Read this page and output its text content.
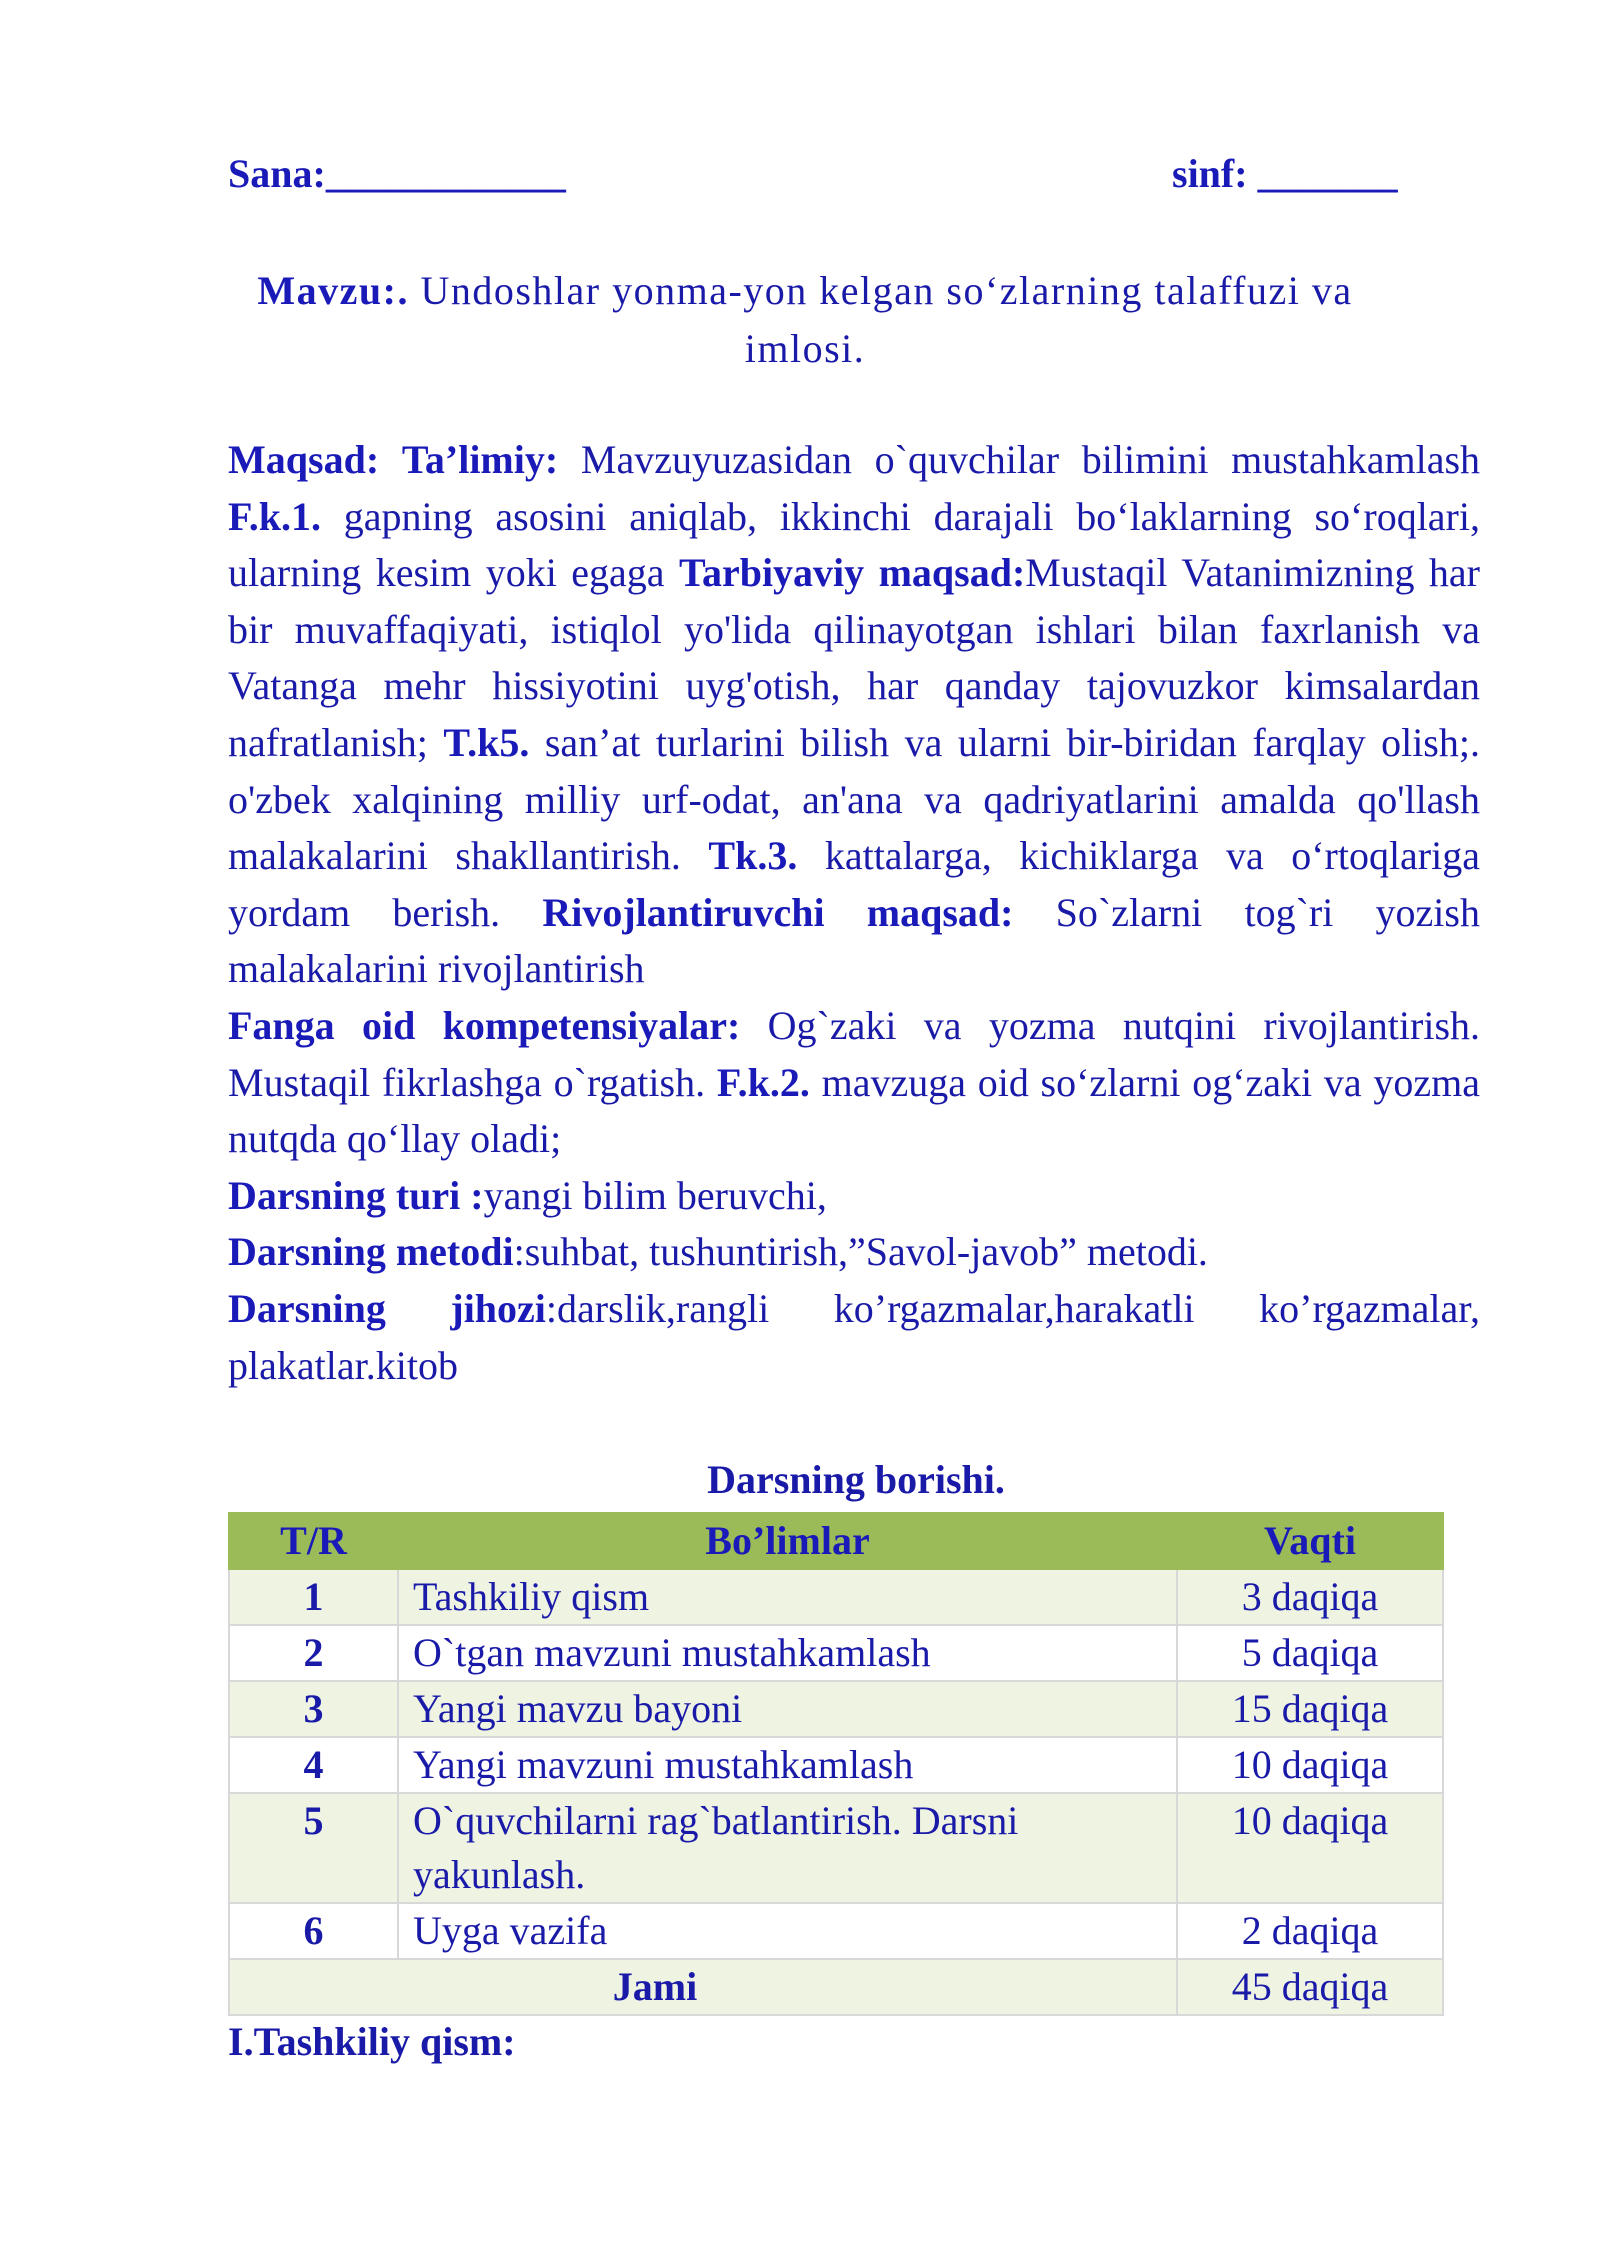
Sana:____________	sinf: _______
Mavzu:. Undoshlar yonma-yon kelgan so‘zlarning talaffuzi va imlosi.

Maqsad: Ta’limiy: Mavzuyuzasidan o`quvchilar bilimini mustahkamlash F.k.1. gapning asosini aniqlab, ikkinchi darajali bo‘laklarning so‘roqlari, ularning kesim yoki egaga Tarbiyaviy maqsad:Mustaqil Vatanimizning har bir muvaffaqiyati, istiqlol yo'lida qilinayotgan ishlari bilan faxrlanish va Vatanga mehr hissiyotini uyg'otish, har qanday tajovuzkor kimsalardan nafratlanish; T.k5. san’at turlarini bilish va ularni bir-biridan farqlay olish;. o'zbek xalqining milliy urf-odat, an'ana va qadriyatlarini amalda qo'llash malakalarini shakllantirish. Tk.3. kattalarga, kichiklarga va o‘rtoqlariga yordam berish. Rivojlantiruvchi maqsad: So`zlarni tog`ri yozish malakalarini rivojlantirish

Fanga oid kompetensiyalar: Og`zaki va yozma nutqini rivojlantirish. Mustaqil fikrlashga o`rgatish. F.k.2. mavzuga oid so‘zlarni og‘zaki va yozma nutqda qo‘llay oladi;

Darsning turi :yangi bilim beruvchi,

Darsning metodi:suhbat, tushuntirish,”Savol-javob” metodi.

Darsning jihozi:darslik,rangli ko’rgazmalar,harakatli ko’rgazmalar, plakatlar.kitob

Darsning borishi.
T/R	Bo’limlar	Vaqti
1	Tashkiliy qism	3 daqiqa
2	O`tgan mavzuni mustahkamlash	5 daqiqa
3	Yangi mavzu bayoni	15 daqiqa
4	Yangi mavzuni mustahkamlash	10 daqiqa
5	O`quvchilarni rag`batlantirish. Darsni yakunlash.	10 daqiqa
6	Uyga vazifa	2 daqiqa
Jami		45 daqiqa
I.Tashkiliy qism:
